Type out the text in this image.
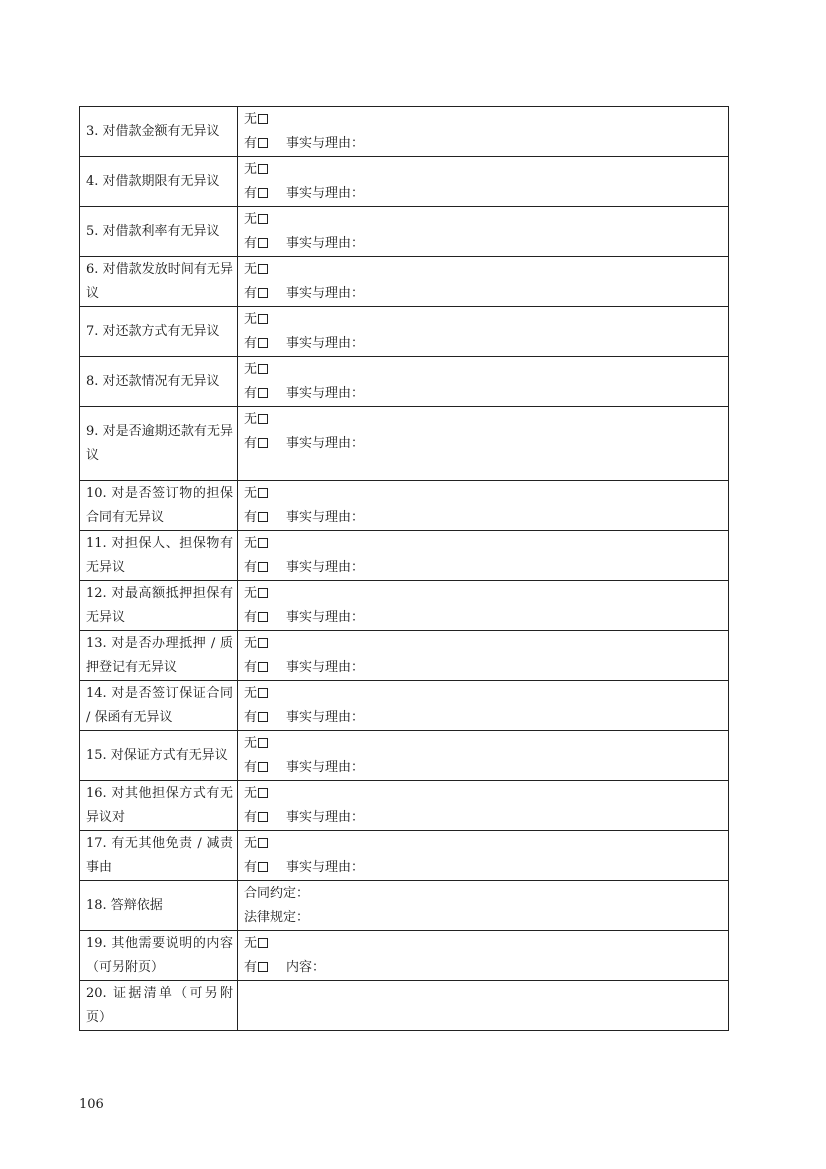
3. 对借款金额有无异议	无
有 事实与理由：

4. 对借款期限有无异议	无
有 事实与理由：

5. 对借款利率有无异议	无
有 事实与理由：

6. 对借款发放时间有无异议	无
有 事实与理由：

7. 对还款方式有无异议	无
有 事实与理由：

8. 对还款情况有无异议	无
有 事实与理由：

9. 对是否逾期还款有无异议	无
有 事实与理由：

10. 对是否签订物的担保合同有无异议	无
有 事实与理由：

11. 对担保人、担保物有无异议	无
有 事实与理由：

12. 对最高额抵押担保有无异议	无
有 事实与理由：

13. 对是否办理抵押 / 质押登记有无异议	无
有 事实与理由：

14. 对是否签订保证合同 / 保函有无异议	无
有 事实与理由：

15. 对保证方式有无异议	无
有 事实与理由：

16. 对其他担保方式有无异议对	无
有 事实与理由：

17. 有无其他免责 / 减责事由	无
有 事实与理由：

18. 答辩依据	合同约定：
法律规定：

19. 其他需要说明的内容（可另附页）	无
有 内容：

20. 证据清单（可另附页）	
106
